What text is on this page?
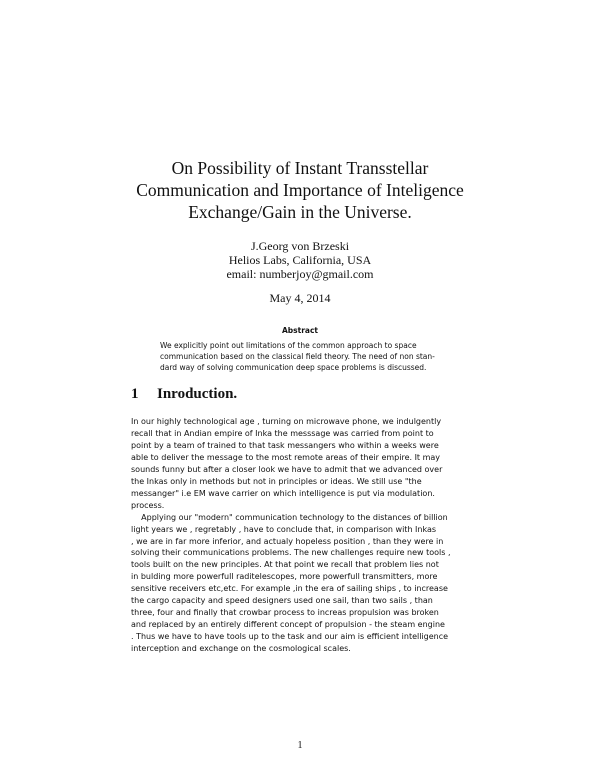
On Possibility of Instant Transstellar
Communication and Importance of Inteligence
Exchange/Gain in the Universe.
J.Georg von Brzeski
Helios Labs, California, USA
email: numberjoy@gmail.com
May 4, 2014
Abstract
We explicitly point out limitations of the common approach to space
communication based on the classical field theory. The need of non stan-
dard way of solving communication deep space problems is discussed.
1 Inroduction.
In our highly technological age , turning on microwave phone, we indulgently
recall that in Andian empire of Inka the messsage was carried from point to
point by a team of trained to that task messangers who within a weeks were
able to deliver the message to the most remote areas of their empire. It may
sounds funny but after a closer look we have to admit that we advanced over
the Inkas only in methods but not in principles or ideas. We still use "the
messanger" i.e EM wave carrier on which intelligence is put via modulation.
process.
Applying our "modern" communication technology to the distances of billion
light years we , regretably , have to conclude that, in comparison with Inkas
, we are in far more inferior, and actualy hopeless position , than they were in
solving their communications problems. The new challenges require new tools ,
tools built on the new principles. At that point we recall that problem lies not
in bulding more powerfull raditelescopes, more powerfull transmitters, more
sensitive receivers etc,etc. For example ,in the era of sailing ships , to increase
the cargo capacity and speed designers used one sail, than two sails , than
three, four and finally that crowbar process to increas propulsion was broken
and replaced by an entirely different concept of propulsion - the steam engine
. Thus we have to have tools up to the task and our aim is efficient intelligence
interception and exchange on the cosmological scales.
1
